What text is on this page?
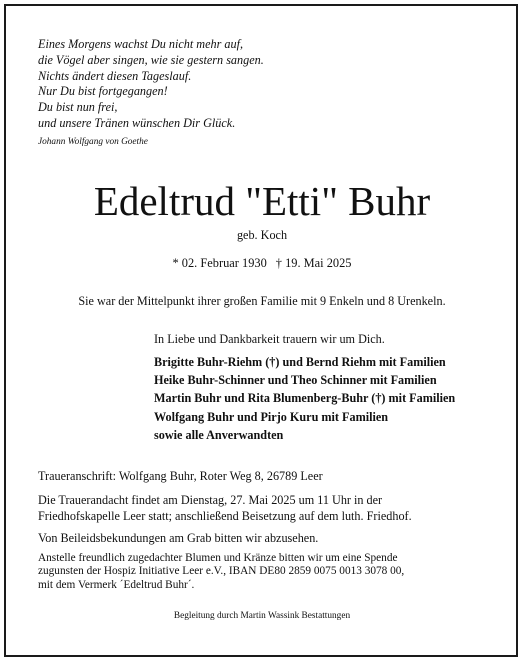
Eines Morgens wachst Du nicht mehr auf,
die Vögel aber singen, wie sie gestern sangen.
Nichts ändert diesen Tageslauf.
Nur Du bist fortgegangen!
Du bist nun frei,
und unsere Tränen wünschen Dir Glück.
Johann Wolfgang von Goethe
Edeltrud "Etti" Buhr
geb. Koch
* 02. Februar 1930 † 19. Mai 2025
Sie war der Mittelpunkt ihrer großen Familie mit 9 Enkeln und 8 Urenkeln.
In Liebe und Dankbarkeit trauern wir um Dich.
Brigitte Buhr-Riehm (†) und Bernd Riehm mit Familien
Heike Buhr-Schinner und Theo Schinner mit Familien
Martin Buhr und Rita Blumenberg-Buhr (†) mit Familien
Wolfgang Buhr und Pirjo Kuru mit Familien
sowie alle Anverwandten
Traueranschrift: Wolfgang Buhr, Roter Weg 8, 26789 Leer
Die Trauerandacht findet am Dienstag, 27. Mai 2025 um 11 Uhr in der
Friedhofskapelle Leer statt; anschließend Beisetzung auf dem luth. Friedhof.
Von Beileidsbekundungen am Grab bitten wir abzusehen.
Anstelle freundlich zugedachter Blumen und Kränze bitten wir um eine Spende
zugunsten der Hospiz Initiative Leer e.V., IBAN DE80 2859 0075 0013 3078 00,
mit dem Vermerk ´Edeltrud Buhr´.
Begleitung durch Martin Wassink Bestattungen
